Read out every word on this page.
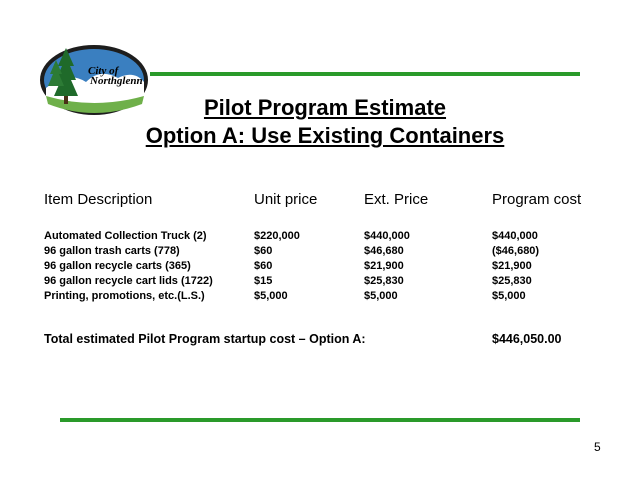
City of
Northglenn
Pilot Program Estimate
Option A: Use Existing Containers
Item Description	Unit price	Ext. Price	Program cost
Automated Collection Truck (2)	$220,000	$440,000	$440,000
96 gallon trash carts (778)	$60	$46,680	($46,680)
96 gallon recycle carts (365)	$60	$21,900	$21,900
96 gallon recycle cart lids (1722)	$15	$25,830	$25,830
Printing, promotions, etc.(L.S.)	$5,000	$5,000	$5,000
Total estimated Pilot Program startup cost – Option A:	$446,050.00
5
